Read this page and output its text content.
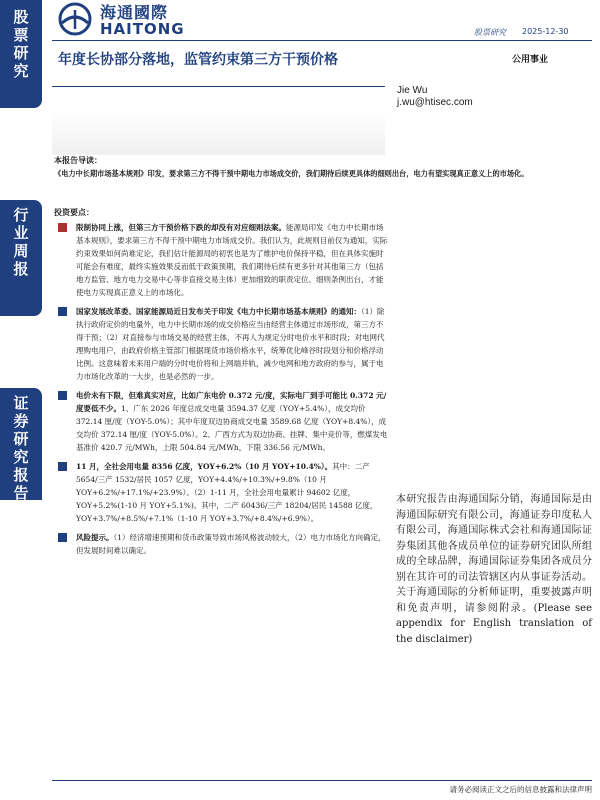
股
票
研
究
行
业
周
报
证
券
研
究
报
告
海通國際
HAITONG	股票研究 2025-12-30
年度长协部分落地，监管约束第三方干预价格	公用事业
Jie Wu
j.wu@htisec.com
本报告导读：
《电力中长期市场基本规则》印发，要求第三方不得干预中期电力市场成交价，我们期待后续更具体的细则出台，电力有望实现真正意义上的市场化。
投资要点：
限制协同上涨，但第三方干预价格下跌的却没有对应细则法案。能源局印发《电力中长期市场基本规则》，要求第三方不得干预中期电力市场成交价。我们认为，此规则目前仅为通知，实际约束效果如何尚难定论，我们估计能源局的初衷也是为了维护电价保持平稳，但在具体实施时可能会有难度，最终实施效果反而低于政策预期，我们期待后续有更多针对其他第三方（包括地方监管、地方电力交易中心等非直接交易主体）更加细致的职责定位、细则条例出台，才能使电力实现真正意义上的市场化。
国家发展改革委、国家能源局近日发布关于印发《电力中长期市场基本规则》的通知：（1）除执行政府定价的电量外，电力中长期市场的成交价格应当由经营主体通过市场形成，第三方不得干预；（2）对直接参与市场交易的经营主体，不再人为规定分时电价水平和时段；对电网代理购电用户，由政府价格主管部门根据现货市场价格水平，统筹优化峰谷时段划分和价格浮动比例。这意味着未来用户端的分时电价将和上网端并轨，减少电网和地方政府的参与，属于电力市场化改革的一大步，也是必然的一步。
电价未有下限，但难真实对应，比如广东电价 0.372 元/度，实际电厂到手可能比 0.372 元/度要低不少。1、广东 2026 年度总成交电量 3594.37 亿度（YOY+5.4%），成交均价 372.14 厘/度（YOY-5.0%）；其中年度双边协商成交电量 3589.68 亿度（YOY+8.4%），成交均价 372.14 厘/度（YOY-5.0%）。2、广西方式为双边协商、挂牌、集中竞价等，燃煤发电基准价 420.7 元/MWh，上限 504.84 元/MWh，下限 336.56 元/MWh。
11 月，全社会用电量 8356 亿度，YOY+6.2%（10 月 YOY+10.4%）。其中：二产 5654/三产 1532/居民 1057 亿度，YOY+4.4%/+10.3%/+9.8%（10 月 YOY+6.2%/+17.1%/+23.9%）。（2）1-11 月，全社会用电量累计 94602 亿度，YOY+5.2%(1-10 月 YOY+5.1%)。其中，二产 60436/三产 18204/居民 14588 亿度，YOY+3.7%/+8.5%/+7.1%（1-10 月 YOY+3.7%/+8.4%/+6.9%）。
风险提示。（1）经济增速预期和货币政策导致市场风格波动较大，（2）电力市场化方向确定，但发展时间难以确定。
本研究报告由海通国际分销，海通国际是由海通国际研究有限公司，海通证券印度私人有限公司，海通国际株式会社和海通国际证券集团其他各成员单位的证券研究团队所组成的全球品牌，海通国际证券集团各成员分别在其许可的司法管辖区内从事证券活动。关于海通国际的分析师证明，重要披露声明和免责声明，请参阅附录。(Please see appendix for English translation of the disclaimer)
请务必阅读正文之后的信息披露和法律声明
